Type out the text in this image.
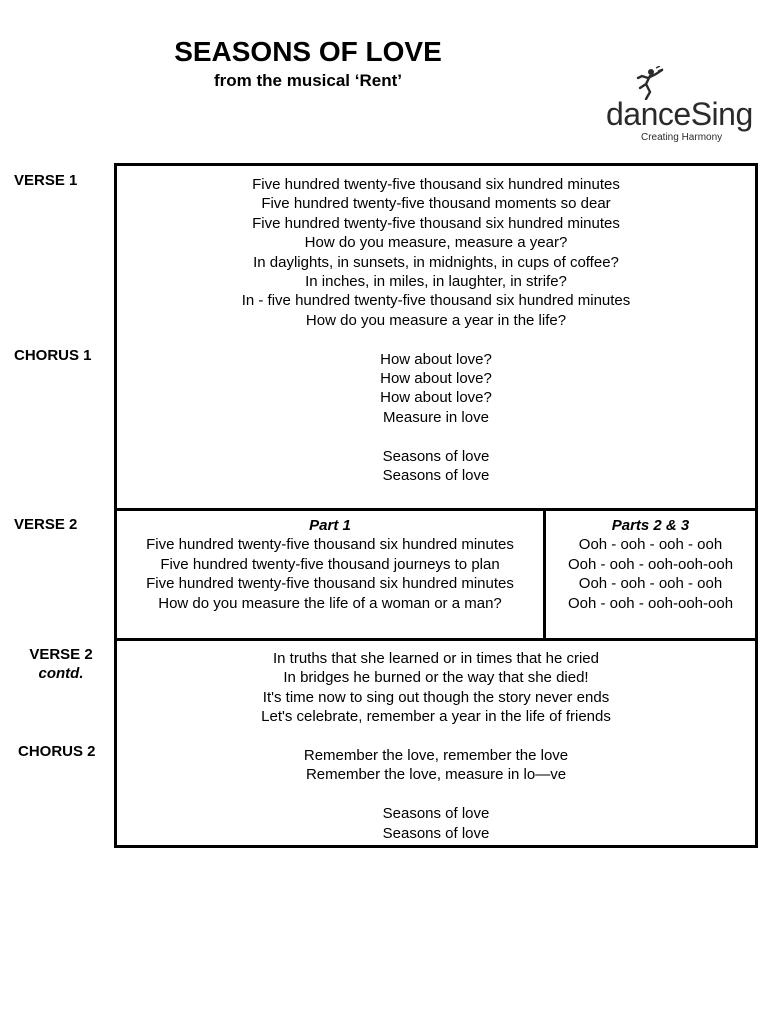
SEASONS OF LOVE
from the musical ‘Rent’
danceSing
Creating Harmony
VERSE 1
CHORUS 1
VERSE 2
VERSE 2
contd.
CHORUS 2
Five hundred twenty-five thousand six hundred minutes
Five hundred twenty-five thousand moments so dear
Five hundred twenty-five thousand six hundred minutes
How do you measure, measure a year?
In daylights, in sunsets, in midnights, in cups of coffee?
In inches, in miles, in laughter, in strife?
In - five hundred twenty-five thousand six hundred minutes
How do you measure a year in the life?
How about love?
How about love?
How about love?
Measure in love
Seasons of love
Seasons of love
Part 1
Five hundred twenty-five thousand six hundred minutes
Five hundred twenty-five thousand journeys to plan
Five hundred twenty-five thousand six hundred minutes
How do you measure the life of a woman or a man?
Parts 2 & 3
Ooh - ooh - ooh - ooh
Ooh - ooh - ooh-ooh-ooh
Ooh - ooh - ooh - ooh
Ooh - ooh - ooh-ooh-ooh
In truths that she learned or in times that he cried
In bridges he burned or the way that she died!
It's time now to sing out though the story never ends
Let's celebrate, remember a year in the life of friends
Remember the love, remember the love
Remember the love, measure in lo—ve
Seasons of love
Seasons of love
